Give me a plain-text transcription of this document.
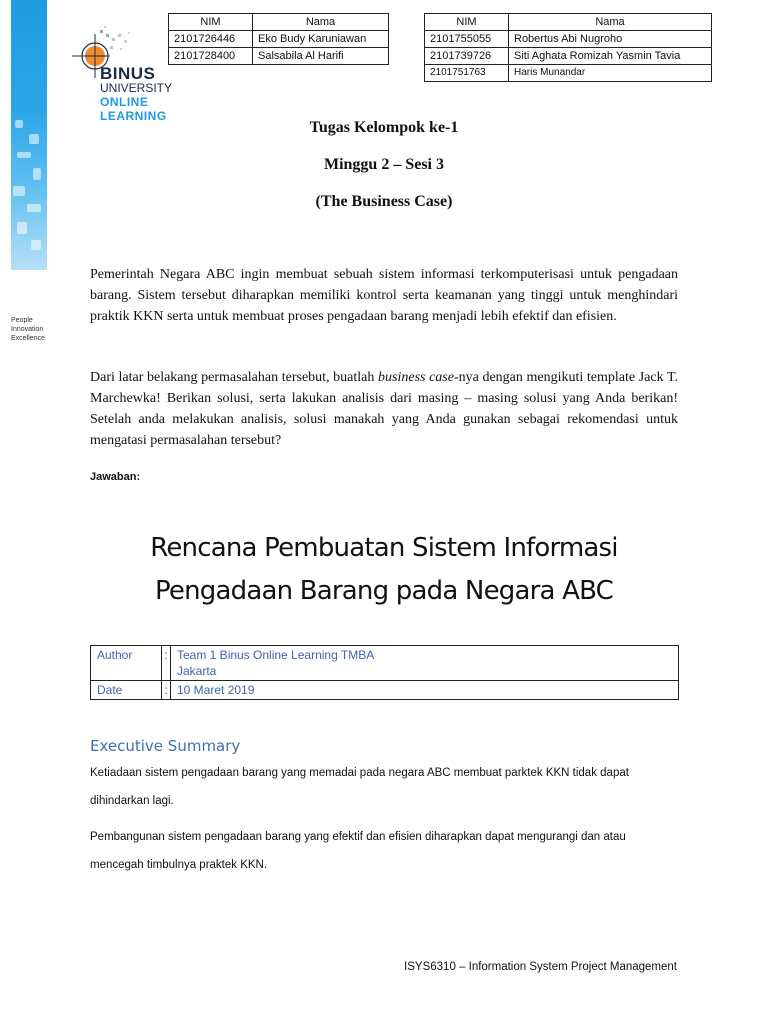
People
Innovation
Excellence
BINUS
UNIVERSITY
ONLINE
LEARNING
NIM	Nama
2101726446	Eko Budy Karuniawan
2101728400	Salsabila Al Harifi
NIM	Nama
2101755055	Robertus Abi Nugroho
2101739726	Siti Aghata Romizah Yasmin Tavia
2101751763	Haris Munandar
Tugas Kelompok ke-1
Minggu 2 – Sesi 3
(The Business Case)

Pemerintah Negara ABC ingin membuat sebuah sistem informasi terkomputerisasi untuk pengadaan barang. Sistem tersebut diharapkan memiliki kontrol serta keamanan yang tinggi untuk menghindari praktik KKN serta untuk membuat proses pengadaan barang menjadi lebih efektif dan efisien.

Dari latar belakang permasalahan tersebut, buatlah business case-nya dengan mengikuti template Jack T. Marchewka! Berikan solusi, serta lakukan analisis dari masing – masing solusi yang Anda berikan! Setelah anda melakukan analisis, solusi manakah yang Anda gunakan sebagai rekomendasi untuk mengatasi permasalahan tersebut?

Jawaban:
Rencana Pembuatan Sistem Informasi
Pengadaan Barang pada Negara ABC
Author	:	Team 1 Binus Online Learning TMBA
Jakarta

Date	:	10 Maret 2019
Executive Summary

Ketiadaan sistem pengadaan barang yang memadai pada negara ABC membuat parktek KKN tidak dapat dihindarkan lagi.

Pembangunan sistem pengadaan barang yang efektif dan efisien diharapkan dapat mengurangi dan atau mencegah timbulnya praktek KKN.

ISYS6310 – Information System Project Management
